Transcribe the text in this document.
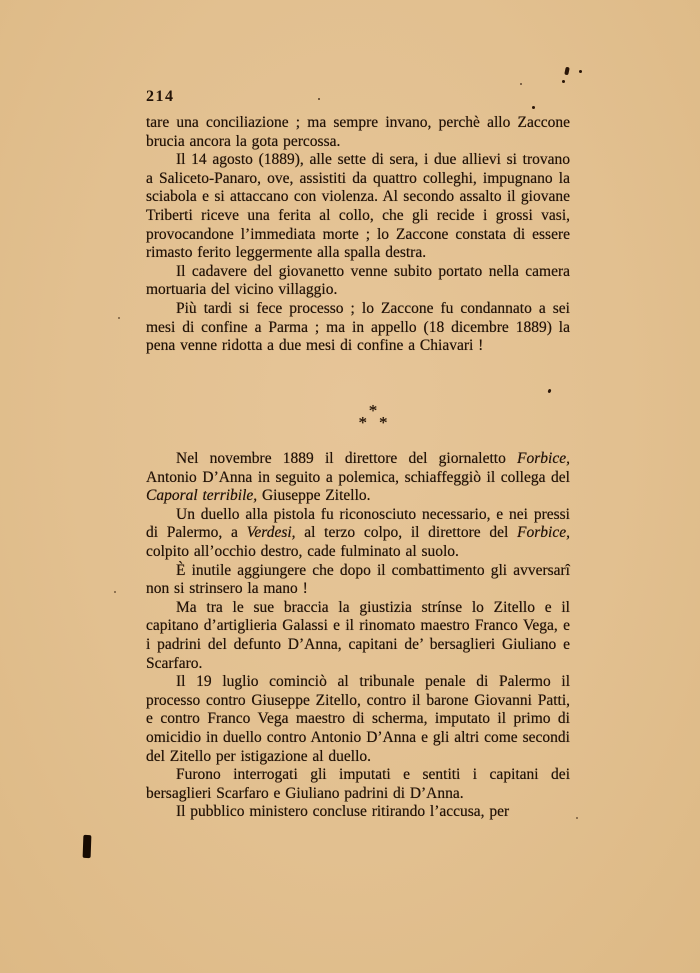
214

tare una conciliazione ; ma sempre invano, perchè allo Zaccone brucia ancora la gota percossa.

Il 14 agosto (1889), alle sette di sera, i due allievi si trovano a Saliceto-Panaro, ove, assistiti da quattro colleghi, impugnano la sciabola e si attaccano con violenza. Al secondo assalto il giovane Triberti riceve una ferita al collo, che gli recide i grossi vasi, provocandone l’immediata morte ; lo Zaccone constata di essere rimasto ferito leggermente alla spalla destra.

Il cadavere del giovanetto venne subito portato nella camera mortuaria del vicino villaggio.

Più tardi si fece processo ; lo Zaccone fu condannato a sei mesi di confine a Parma ; ma in appello (18 dicembre 1889) la pena venne ridotta a due mesi di confine a Chiavari !

*
* *

Nel novembre 1889 il direttore del giornaletto Forbice, Antonio D’Anna in seguito a polemica, schiaffeggiò il collega del Caporal terribile, Giuseppe Zitello.

Un duello alla pistola fu riconosciuto necessario, e nei pressi di Palermo, a Verdesi, al terzo colpo, il direttore del Forbice, colpito all’occhio destro, cade fulminato al suolo.

È inutile aggiungere che dopo il combattimento gli avversarî non si strinsero la mano !

Ma tra le sue braccia la giustizia strínse lo Zitello e il capitano d’artiglieria Galassi e il rinomato maestro Franco Vega, e i padrini del defunto D’Anna, capitani de’ bersaglieri Giuliano e Scarfaro.

Il 19 luglio cominciò al tribunale penale di Palermo il processo contro Giuseppe Zitello, contro il barone Giovanni Patti, e contro Franco Vega maestro di scherma, imputato il primo di omicidio in duello contro Antonio D’Anna e gli altri come secondi del Zitello per istigazione al duello.

Furono interrogati gli imputati e sentiti i capitani dei bersaglieri Scarfaro e Giuliano padrini di D’Anna.

Il pubblico ministero concluse ritirando l’accusa, per
